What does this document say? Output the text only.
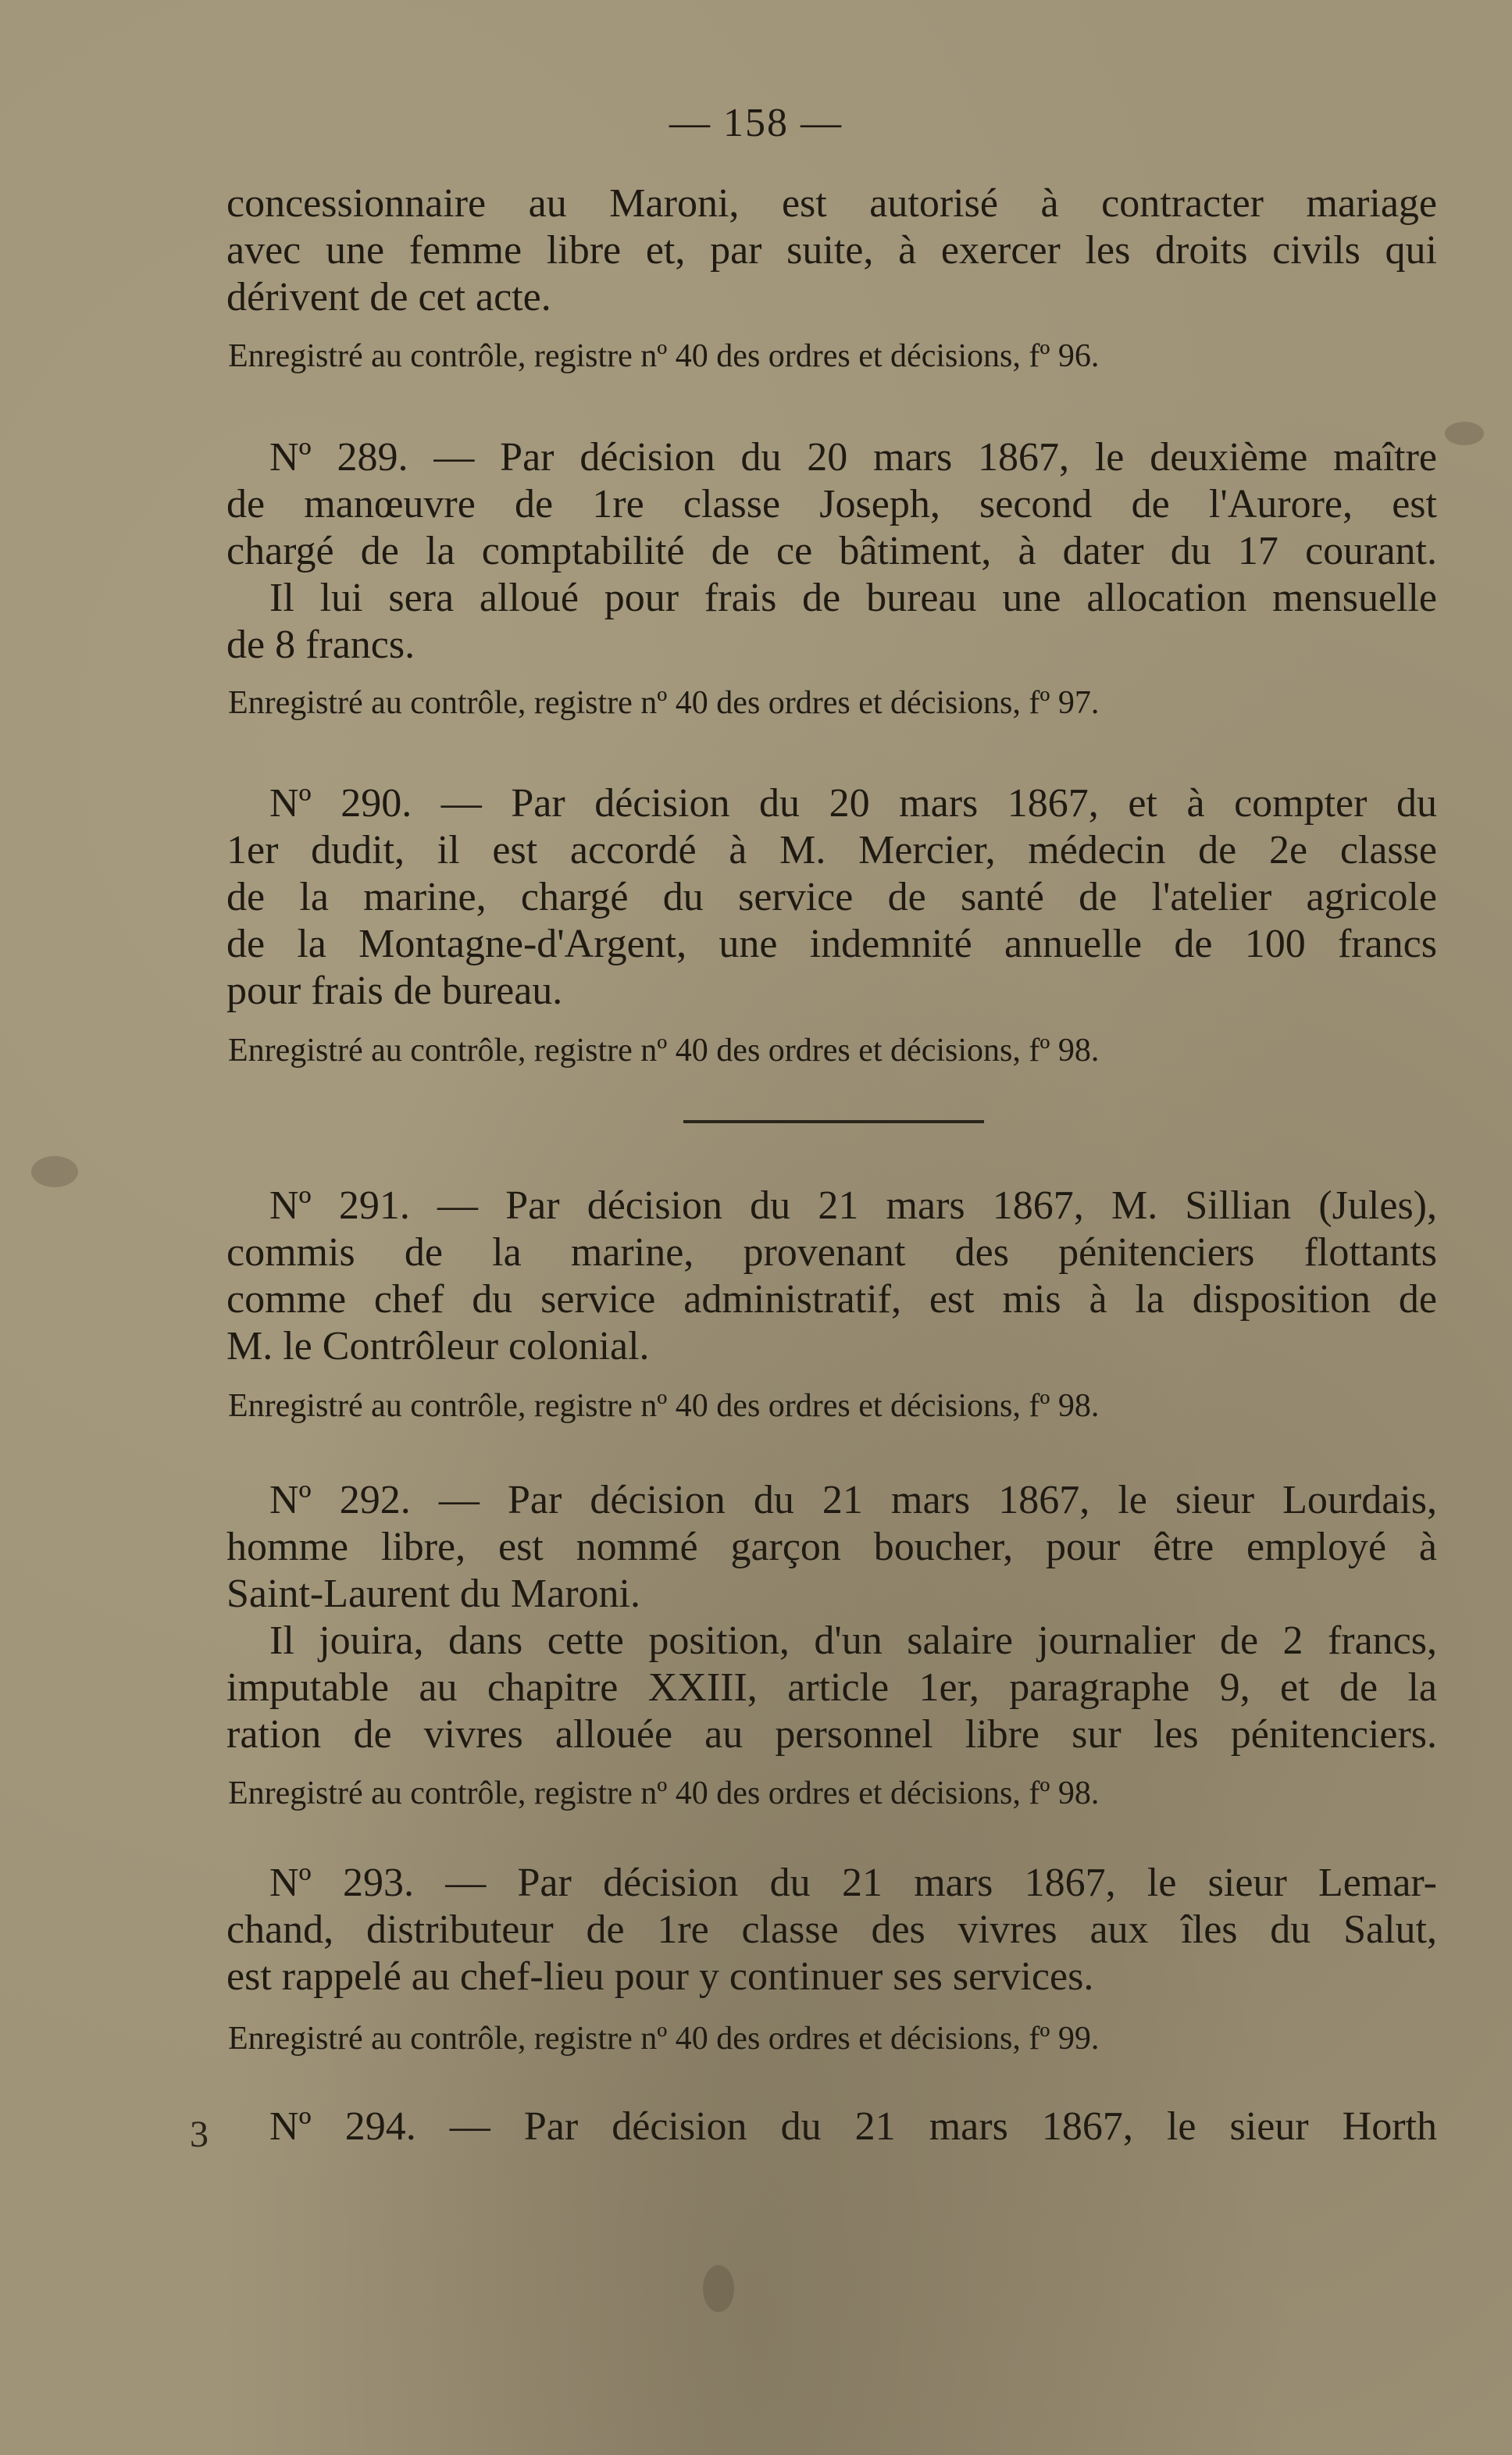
— 158 —
concessionnaire au Maroni, est autorisé à contracter mariage
avec une femme libre et, par suite, à exercer les droits civils qui
dérivent de cet acte.
Enregistré au contrôle, registre nº 40 des ordres et décisions, fº 96.
Nº 289. — Par décision du 20 mars 1867, le deuxième maître
de manœuvre de 1re classe Joseph, second de l'Aurore, est
chargé de la comptabilité de ce bâtiment, à dater du 17 courant.
Il lui sera alloué pour frais de bureau une allocation mensuelle
de 8 francs.
Enregistré au contrôle, registre nº 40 des ordres et décisions, fº 97.
Nº 290. — Par décision du 20 mars 1867, et à compter du
1er dudit, il est accordé à M. Mercier, médecin de 2e classe
de la marine, chargé du service de santé de l'atelier agricole
de la Montagne-d'Argent, une indemnité annuelle de 100 francs
pour frais de bureau.
Enregistré au contrôle, registre nº 40 des ordres et décisions, fº 98.
Nº 291. — Par décision du 21 mars 1867, M. Sillian (Jules),
commis de la marine, provenant des pénitenciers flottants
comme chef du service administratif, est mis à la disposition de
M. le Contrôleur colonial.
Enregistré au contrôle, registre nº 40 des ordres et décisions, fº 98.
Nº 292. — Par décision du 21 mars 1867, le sieur Lourdais,
homme libre, est nommé garçon boucher, pour être employé à
Saint-Laurent du Maroni.
Il jouira, dans cette position, d'un salaire journalier de 2 francs,
imputable au chapitre XXIII, article 1er, paragraphe 9, et de la
ration de vivres allouée au personnel libre sur les pénitenciers.
Enregistré au contrôle, registre nº 40 des ordres et décisions, fº 98.
Nº 293. — Par décision du 21 mars 1867, le sieur Lemar-
chand, distributeur de 1re classe des vivres aux îles du Salut,
est rappelé au chef-lieu pour y continuer ses services.
Enregistré au contrôle, registre nº 40 des ordres et décisions, fº 99.
3 Nº 294. — Par décision du 21 mars 1867, le sieur Horth
